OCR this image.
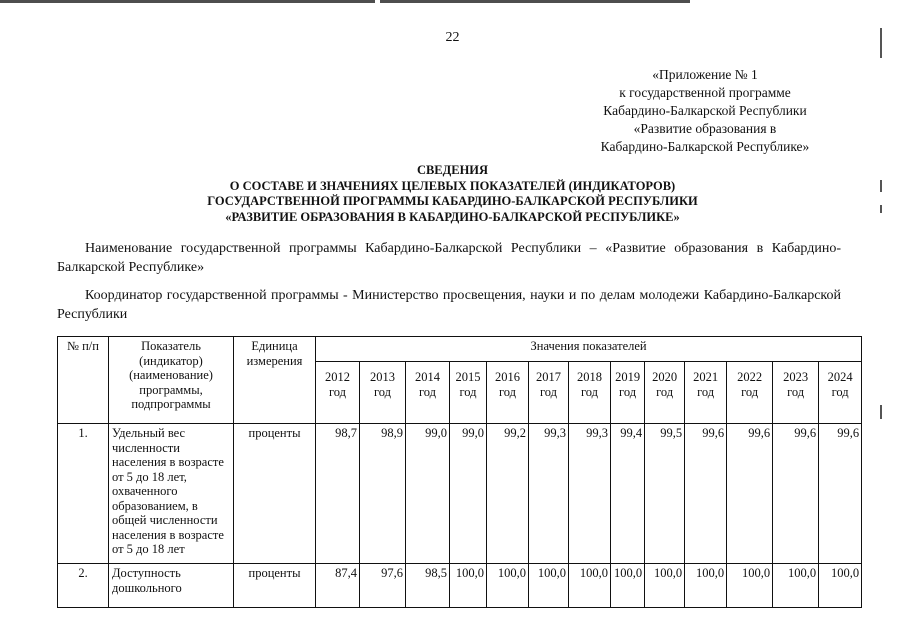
22
«Приложение № 1
к государственной программе
Кабардино-Балкарской Республики
«Развитие образования в
Кабардино-Балкарской Республике»
СВЕДЕНИЯ
О СОСТАВЕ И ЗНАЧЕНИЯХ ЦЕЛЕВЫХ ПОКАЗАТЕЛЕЙ (ИНДИКАТОРОВ)
ГОСУДАРСТВЕННОЙ ПРОГРАММЫ КАБАРДИНО-БАЛКАРСКОЙ РЕСПУБЛИКИ
«РАЗВИТИЕ ОБРАЗОВАНИЯ В КАБАРДИНО-БАЛКАРСКОЙ РЕСПУБЛИКЕ»
Наименование государственной программы Кабардино-Балкарской Республики – «Развитие образования в Кабардино-Балкарской Республике»
Координатор государственной программы - Министерство просвещения, науки и по делам молодежи Кабардино-Балкарской Республики
№ п/п	Показатель (индикатор) (наименование) программы, подпрограммы	Единица измерения	Значения показателей												
			2012 год	2013 год	2014 год	2015 год	2016 год	2017 год	2018 год	2019 год	2020 год	2021 год	2022 год	2023 год	2024 год
1.	Удельный вес численности населения в возрасте от 5 до 18 лет, охваченного образованием, в общей численности населения в возрасте от 5 до 18 лет	проценты	98,7	98,9	99,0	99,0	99,2	99,3	99,3	99,4	99,5	99,6	99,6	99,6	99,6
2.	Доступность дошкольного	проценты	87,4	97,6	98,5	100,0	100,0	100,0	100,0	100,0	100,0	100,0	100,0	100,0	100,0
